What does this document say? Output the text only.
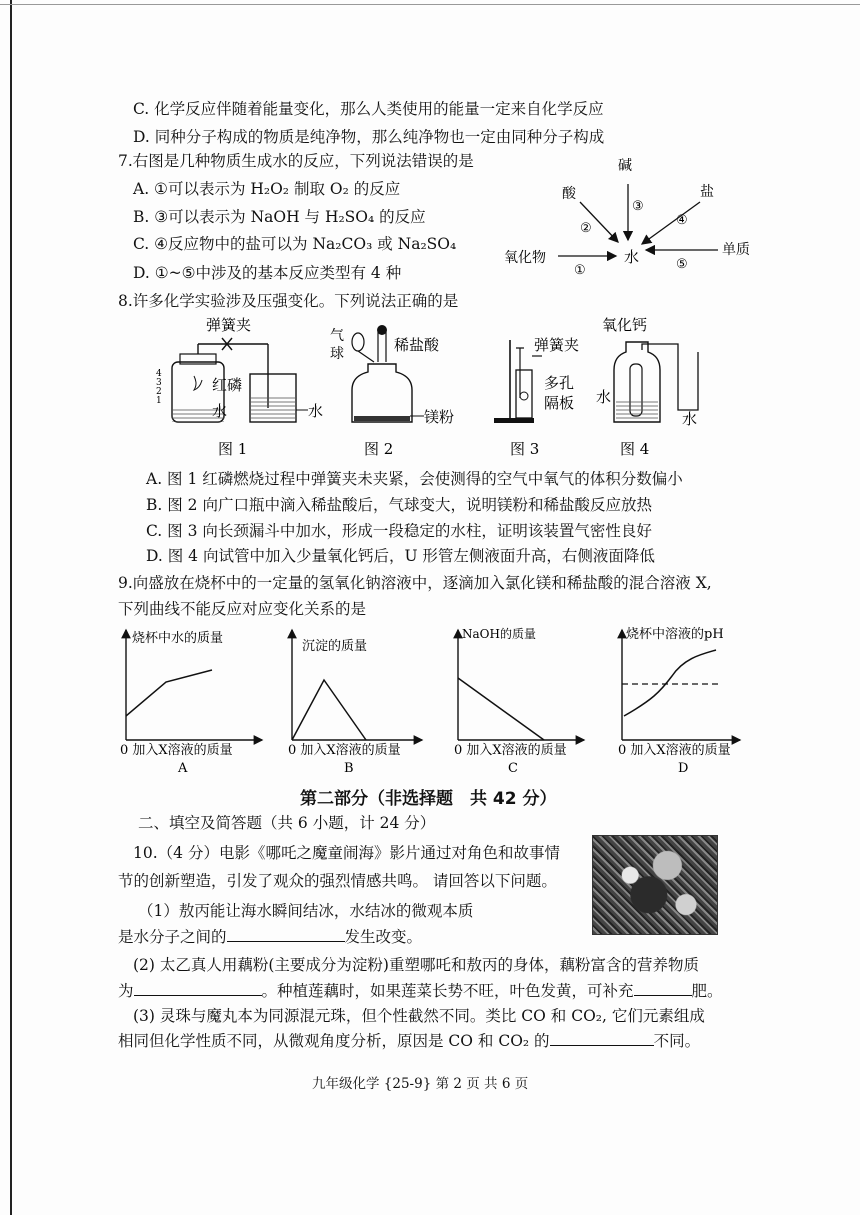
C. 化学反应伴随着能量变化，那么人类使用的能量一定来自化学反应
D. 同种分子构成的物质是纯净物，那么纯净物也一定由同种分子构成
7.右图是几种物质生成水的反应，下列说法错误的是
A. ①可以表示为 H₂O₂ 制取 O₂ 的反应
B. ③可以表示为 NaOH 与 H₂SO₄ 的反应
C. ④反应物中的盐可以为 Na₂CO₃ 或 Na₂SO₄
D. ①~⑤中涉及的基本反应类型有 4 种
水
碱
酸	盐
氧化物	单质
③
②
④
①	⑤
8.许多化学实验涉及压强变化。下列说法正确的是
弹簧夹
4
3
2
1
红磷
水	水
图 1
气
球	稀盐酸
镁粉
图 2
弹簧夹
多孔
隔板
图 3
氧化钙
水
水
图 4
A. 图 1 红磷燃烧过程中弹簧夹未夹紧，会使测得的空气中氧气的体积分数偏小
B. 图 2 向广口瓶中滴入稀盐酸后，气球变大，说明镁粉和稀盐酸反应放热
C. 图 3 向长颈漏斗中加水，形成一段稳定的水柱，证明该装置气密性良好
D. 图 4 向试管中加入少量氧化钙后，U 形管左侧液面升高，右侧液面降低
9.向盛放在烧杯中的一定量的氢氧化钠溶液中，逐滴加入氯化镁和稀盐酸的混合溶液 X,
下列曲线不能反应对应变化关系的是
烧杯中水的质量
0 加入X溶液的质量
A
沉淀的质量
0 加入X溶液的质量
B
NaOH的质量
0 加入X溶液的质量
C
烧杯中溶液的pH
0 加入X溶液的质量
D
第二部分（非选择题　共 42 分）
二、填空及简答题（共 6 小题，计 24 分）
10.（4 分）电影《哪吒之魔童闹海》影片通过对角色和故事情
节的创新塑造，引发了观众的强烈情感共鸣。 请回答以下问题。
（1）敖丙能让海水瞬间结冰，水结冰的微观本质
是水分子之间的	发生改变。
(2) 太乙真人用藕粉(主要成分为淀粉)重塑哪吒和敖丙的身体，藕粉富含的营养物质
为	。种植莲藕时，如果莲菜长势不旺，叶色发黄，可补充	肥。
(3) 灵珠与魔丸本为同源混元珠，但个性截然不同。类比 CO 和 CO₂, 它们元素组成
相同但化学性质不同，从微观角度分析，原因是 CO 和 CO₂ 的	不同。
九年级化学 {25-9} 第 2 页 共 6 页
